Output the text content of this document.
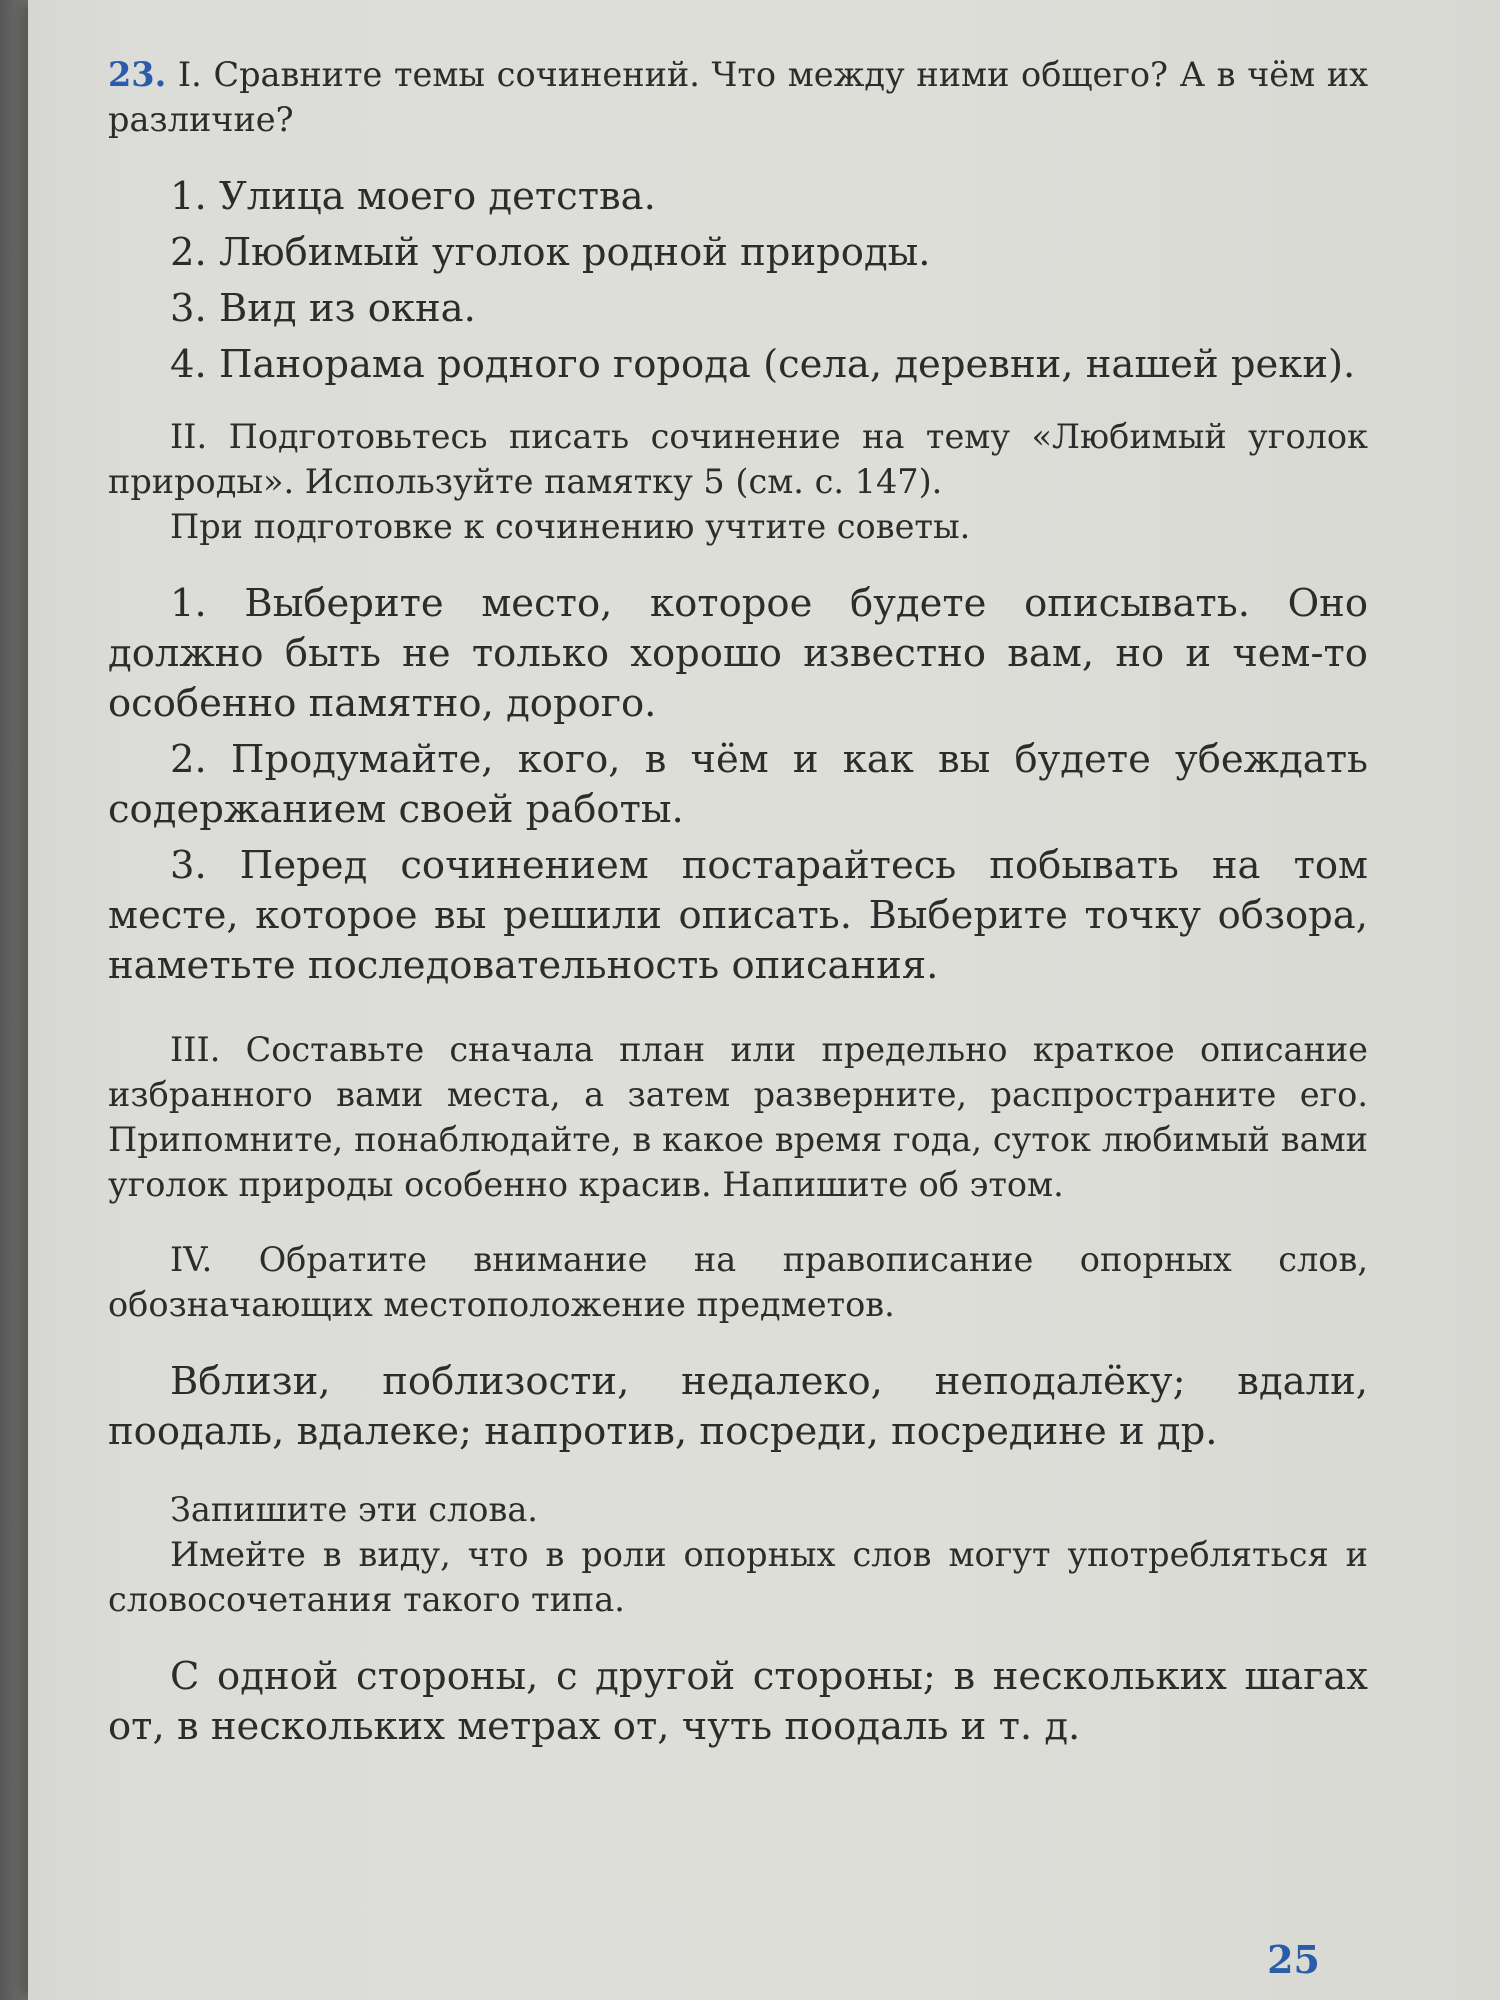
23. I. Сравните темы сочинений. Что между ними общего? А в чём их различие?

1. Улица моего детства.

2. Любимый уголок родной природы.

3. Вид из окна.

4. Панорама родного города (села, деревни, нашей реки).

II. Подготовьтесь писать сочинение на тему «Любимый уголок природы». Используйте памятку 5 (см. с. 147).

При подготовке к сочинению учтите советы.

1. Выберите место, которое будете описывать. Оно должно быть не только хорошо известно вам, но и чем-то особенно памятно, дорого.

2. Продумайте, кого, в чём и как вы будете убеждать содержанием своей работы.

3. Перед сочинением постарайтесь побывать на том месте, которое вы решили описать. Выберите точку обзора, наметьте последовательность описания.

III. Составьте сначала план или предельно краткое описание избранного вами места, а затем разверните, распространите его. Припомните, понаблюдайте, в какое время года, суток любимый вами уголок природы особенно красив. Напишите об этом.

IV. Обратите внимание на правописание опорных слов, обозначающих местоположение предметов.

Вблизи, поблизости, недалеко, неподалёку; вдали, поодаль, вдалеке; напротив, посреди, посредине и др.

Запишите эти слова.

Имейте в виду, что в роли опорных слов могут употребляться и словосочетания такого типа.

С одной стороны, с другой стороны; в нескольких шагах от, в нескольких метрах от, чуть поодаль и т. д.

25
